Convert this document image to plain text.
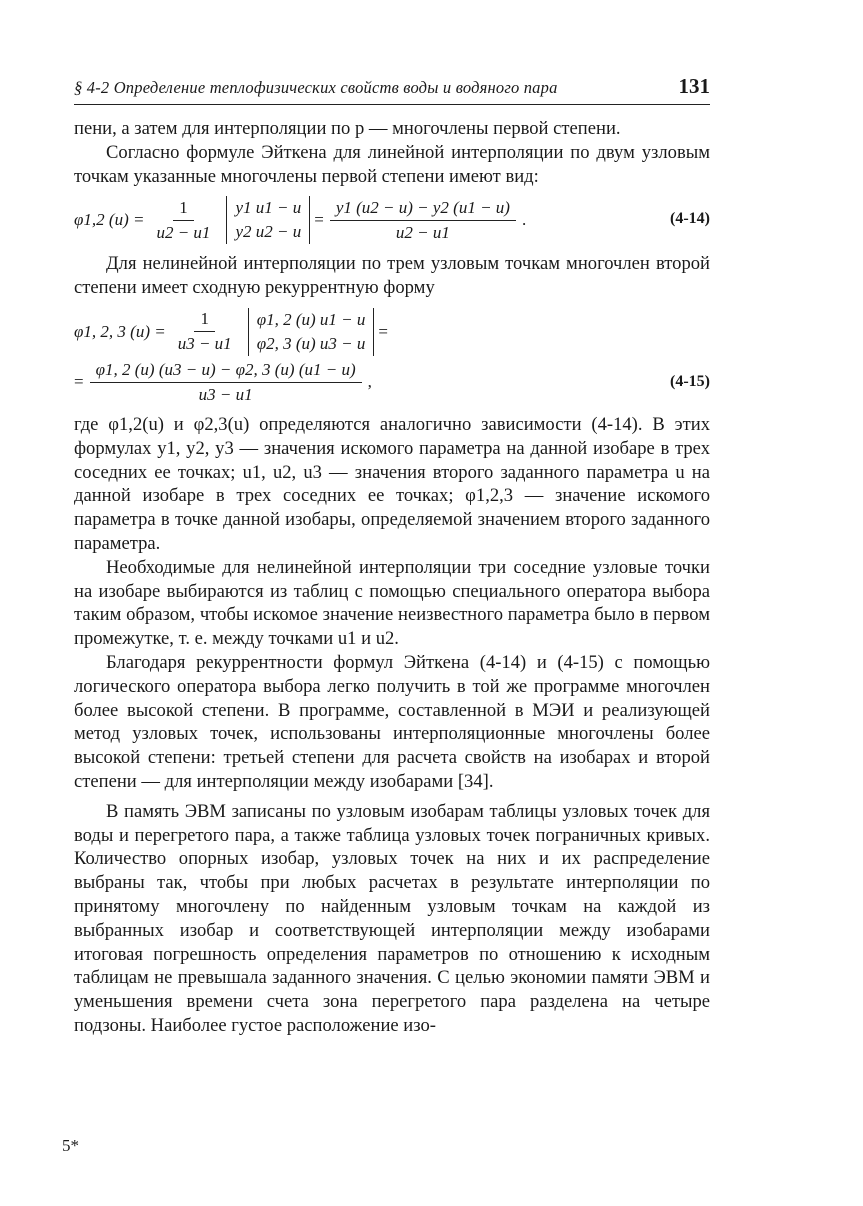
§ 4-2 Определение теплофизических свойств воды и водяного пара	131

пени, а затем для интерполяции по p — многочлены первой степени.

Согласно формуле Эйткена для линейной интерполяции по двум узловым точкам указанные многочлены первой степени имеют вид:

φ1,2 $(u) = \frac{1}{u2 - u1} y1$ u1 − u
y2 u2 − u
= $\frac{y1 (u2 - u) - y2 (u1 - u)}{u2 - u1}$ .	(4-14)

Для нелинейной интерполяции по трем узловым точкам многочлен второй степени имеет сходную рекуррентную форму

φ1, 2, 3 $(u) = \frac{1}{u3 - u1} \varphi 1$, 2 (u) u1 − u
φ2, 3 (u) u3 − u
=
= $\frac{\varphi 1, 2 (u) (u3 - u) - \varphi 2, 3 (u) (u1 - u)}{u3 - u1}$ ,	(4-15)

где φ1,2(u) и φ2,3(u) определяются аналогично зависимости (4-14). В этих формулах y1, y2, y3 — значения искомого параметра на данной изобаре в трех соседних ее точках; u1, u2, u3 — значения второго заданного параметра u на данной изобаре в трех соседних ее точках; φ1,2,3 — значение искомого параметра в точке данной изобары, определяемой значением второго заданного параметра.

Необходимые для нелинейной интерполяции три соседние узловые точки на изобаре выбираются из таблиц с помощью специального оператора выбора таким образом, чтобы искомое значение неизвестного параметра было в первом промежутке, т. е. между точками u1 и u2.

Благодаря рекуррентности формул Эйткена (4-14) и (4-15) с помощью логического оператора выбора легко получить в той же программе многочлен более высокой степени. В программе, составленной в МЭИ и реализующей метод узловых точек, использованы интерполяционные многочлены более высокой степени: третьей степени для расчета свойств на изобарах и второй степени — для интерполяции между изобарами [34].

В память ЭВМ записаны по узловым изобарам таблицы узловых точек для воды и перегретого пара, а также таблица узловых точек пограничных кривых. Количество опорных изобар, узловых точек на них и их распределение выбраны так, чтобы при любых расчетах в результате интерполяции по принятому многочлену по найденным узловым точкам на каждой из выбранных изобар и соответствующей интерполяции между изобарами итоговая погрешность определения параметров по отношению к исходным таблицам не превышала заданного значения. С целью экономии памяти ЭВМ и уменьшения времени счета зона перегретого пара разделена на четыре подзоны. Наиболее густое расположение изо-

5*
